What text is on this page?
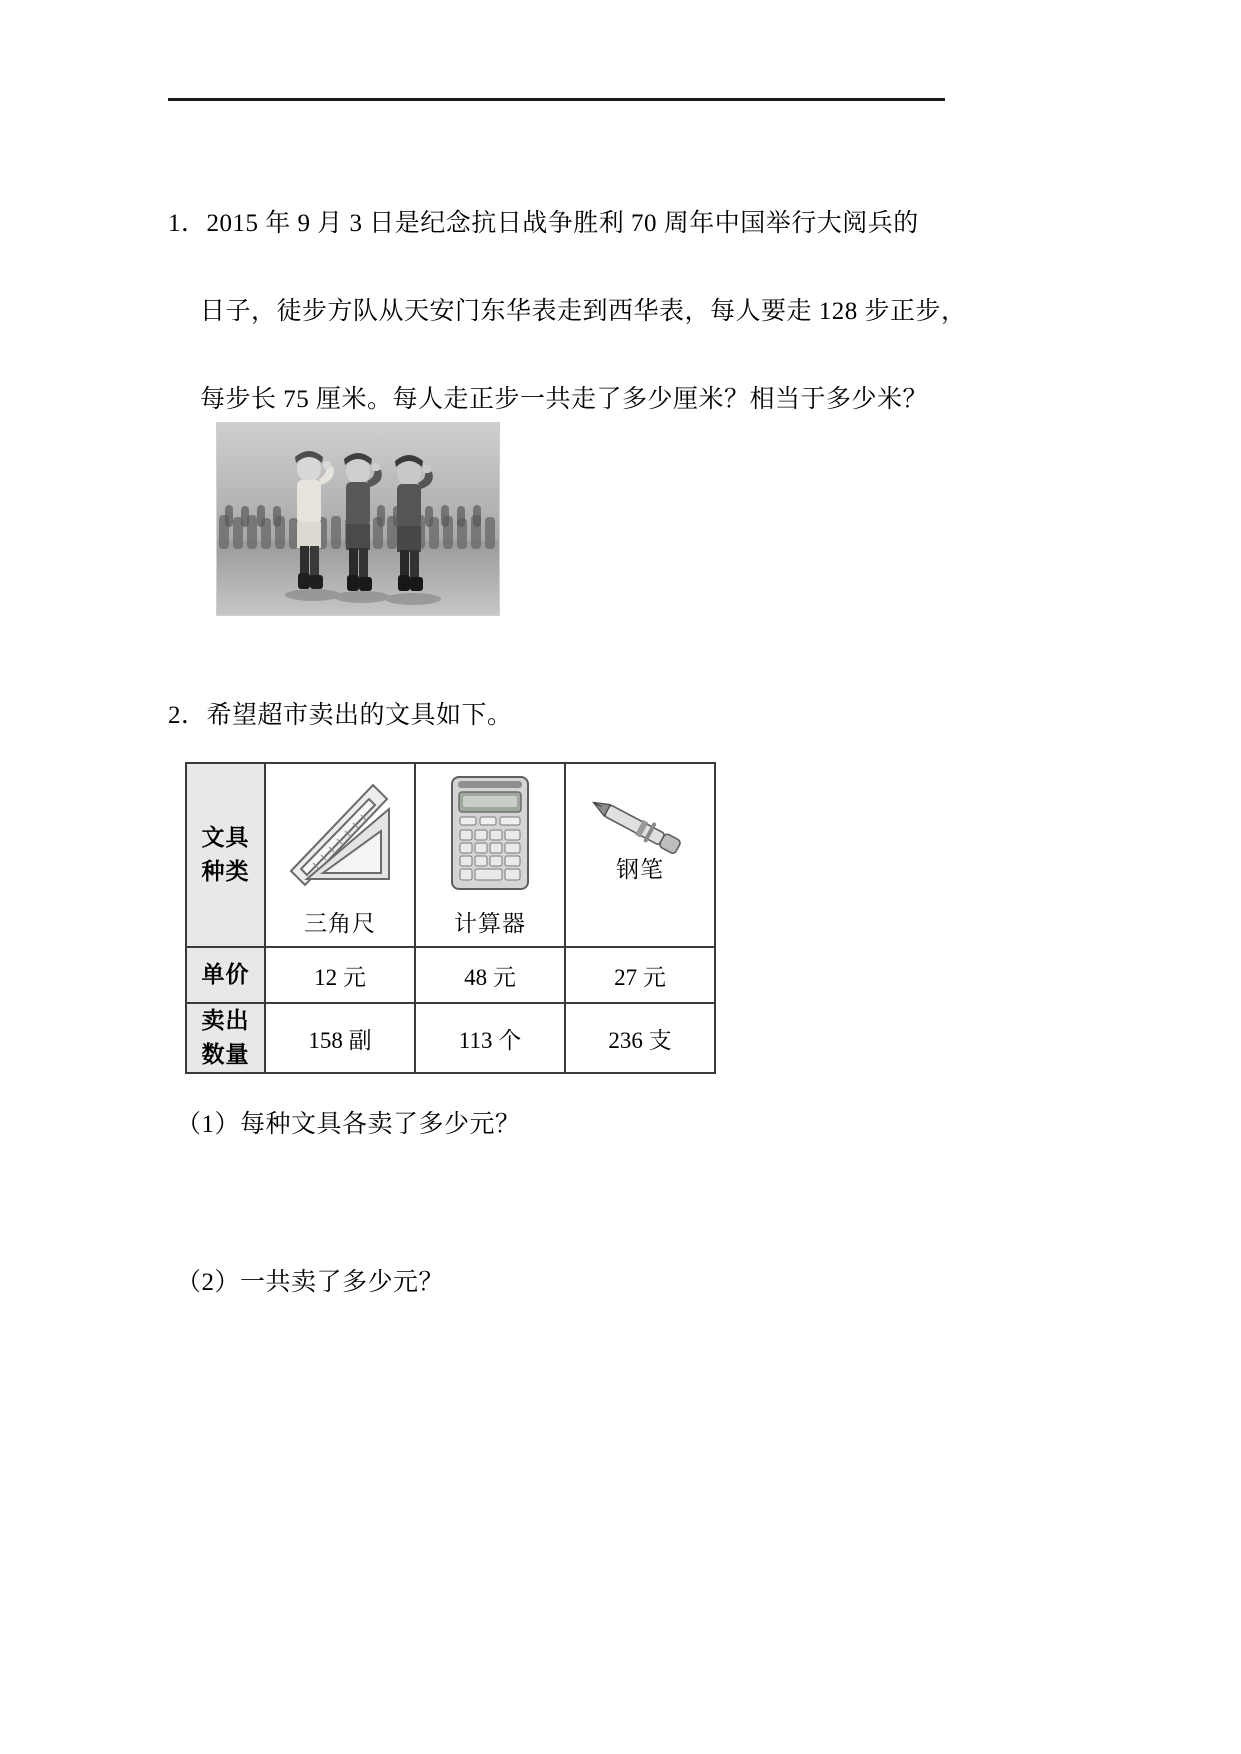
1．2015 年 9 月 3 日是纪念抗日战争胜利 70 周年中国举行大阅兵的
日子，徒步方队从天安门东华表走到西华表，每人要走 128 步正步，
每步长 75 厘米。每人走正步一共走了多少厘米？相当于多少米？
2．希望超市卖出的文具如下。
文具
种类	三角尺	计算器	钢笔

单价	12 元	48 元	27 元

卖出
数量	158 副	113 个	236 支
（1）每种文具各卖了多少元？
（2）一共卖了多少元？
